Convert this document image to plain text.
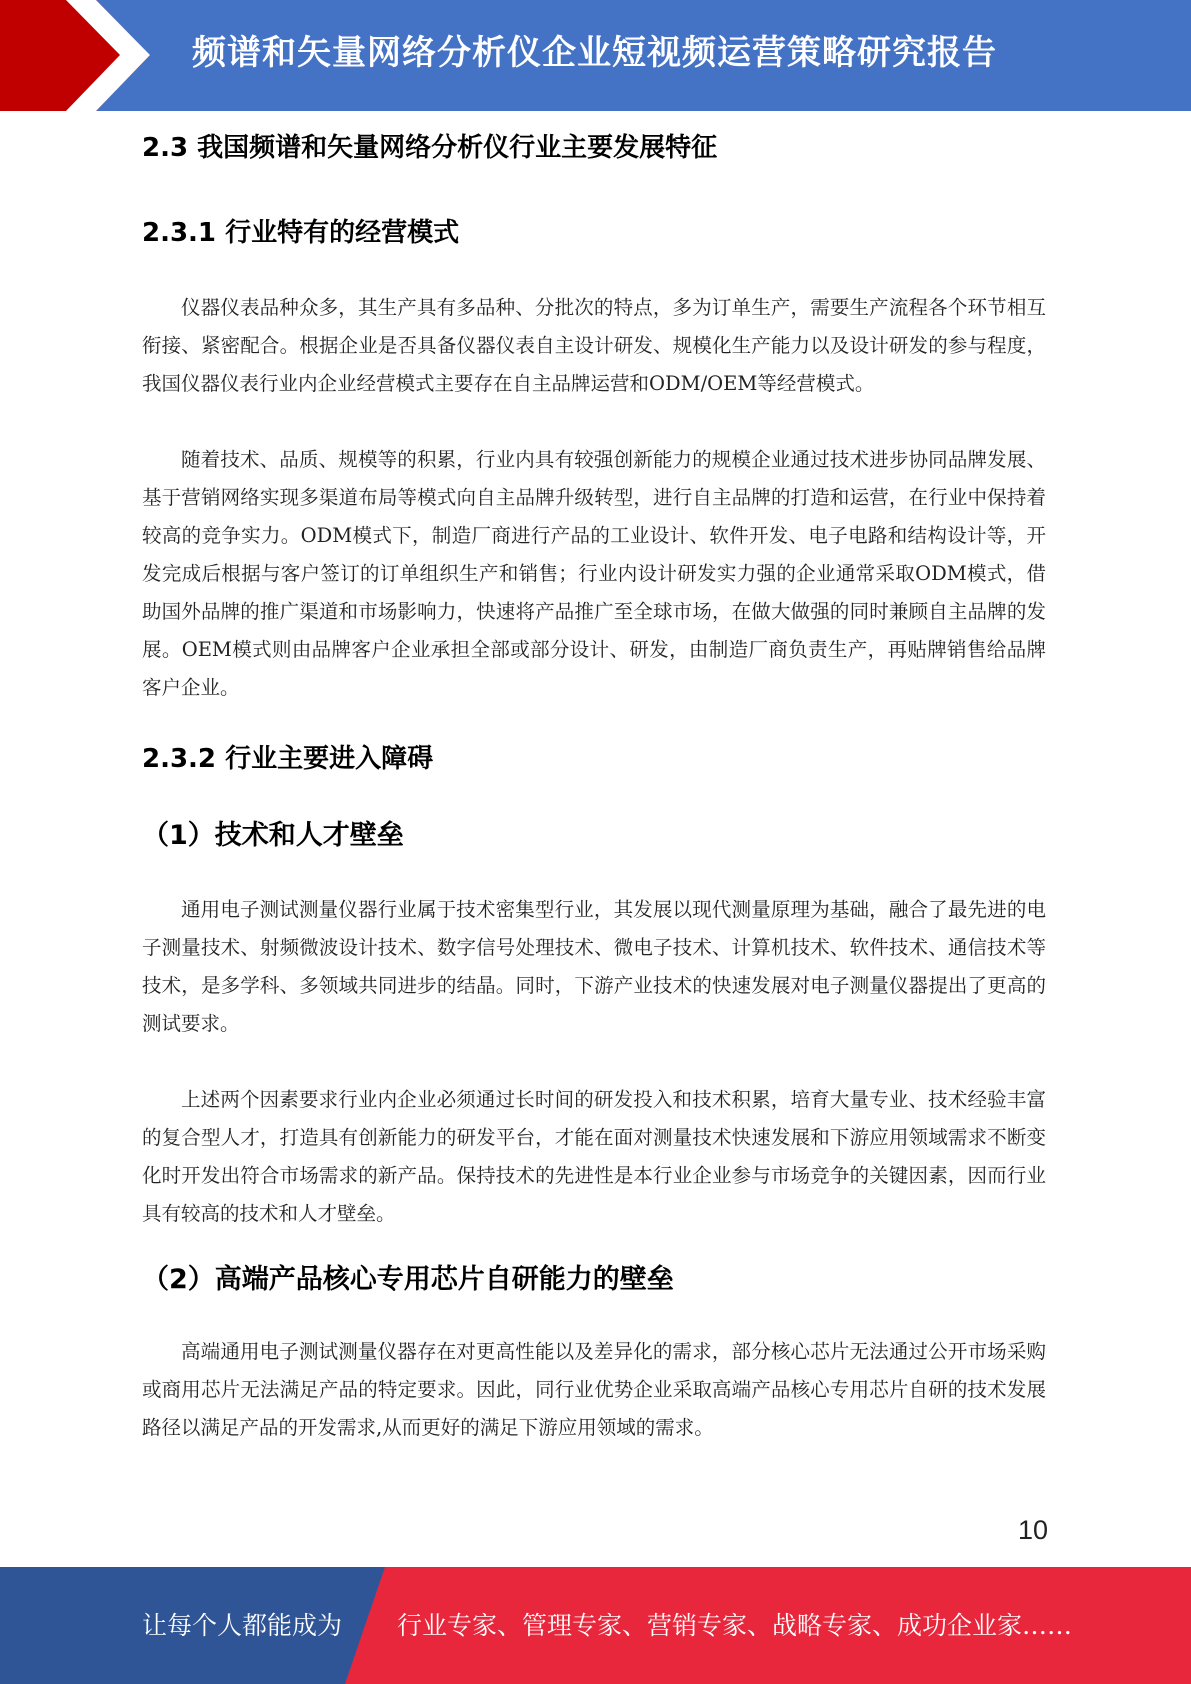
频谱和矢量网络分析仪企业短视频运营策略研究报告
2.3 我国频谱和矢量网络分析仪行业主要发展特征
2.3.1 行业特有的经营模式

仪器仪表品种众多，其生产具有多品种、分批次的特点，多为订单生产，需要生产流程各个环节相互衔接、紧密配合。根据企业是否具备仪器仪表自主设计研发、规模化生产能力以及设计研发的参与程度，我国仪器仪表行业内企业经营模式主要存在自主品牌运营和ODM/OEM等经营模式。

随着技术、品质、规模等的积累，行业内具有较强创新能力的规模企业通过技术进步协同品牌发展、基于营销网络实现多渠道布局等模式向自主品牌升级转型，进行自主品牌的打造和运营，在行业中保持着较高的竞争实力。ODM模式下，制造厂商进行产品的工业设计、软件开发、电子电路和结构设计等，开发完成后根据与客户签订的订单组织生产和销售；行业内设计研发实力强的企业通常采取ODM模式，借助国外品牌的推广渠道和市场影响力，快速将产品推广至全球市场，在做大做强的同时兼顾自主品牌的发展。OEM模式则由品牌客户企业承担全部或部分设计、研发，由制造厂商负责生产，再贴牌销售给品牌客户企业。

2.3.2 行业主要进入障碍
（1）技术和人才壁垒

通用电子测试测量仪器行业属于技术密集型行业，其发展以现代测量原理为基础，融合了最先进的电子测量技术、射频微波设计技术、数字信号处理技术、微电子技术、计算机技术、软件技术、通信技术等技术，是多学科、多领域共同进步的结晶。同时，下游产业技术的快速发展对电子测量仪器提出了更高的测试要求。

上述两个因素要求行业内企业必须通过长时间的研发投入和技术积累，培育大量专业、技术经验丰富的复合型人才，打造具有创新能力的研发平台，才能在面对测量技术快速发展和下游应用领域需求不断变化时开发出符合市场需求的新产品。保持技术的先进性是本行业企业参与市场竞争的关键因素，因而行业具有较高的技术和人才壁垒。

（2）高端产品核心专用芯片自研能力的壁垒

高端通用电子测试测量仪器存在对更高性能以及差异化的需求，部分核心芯片无法通过公开市场采购或商用芯片无法满足产品的特定要求。因此，同行业优势企业采取高端产品核心专用芯片自研的技术发展路径以满足产品的开发需求,从而更好的满足下游应用领域的需求。

10
让每个人都能成为 行业专家、管理专家、营销专家、战略专家、成功企业家……
